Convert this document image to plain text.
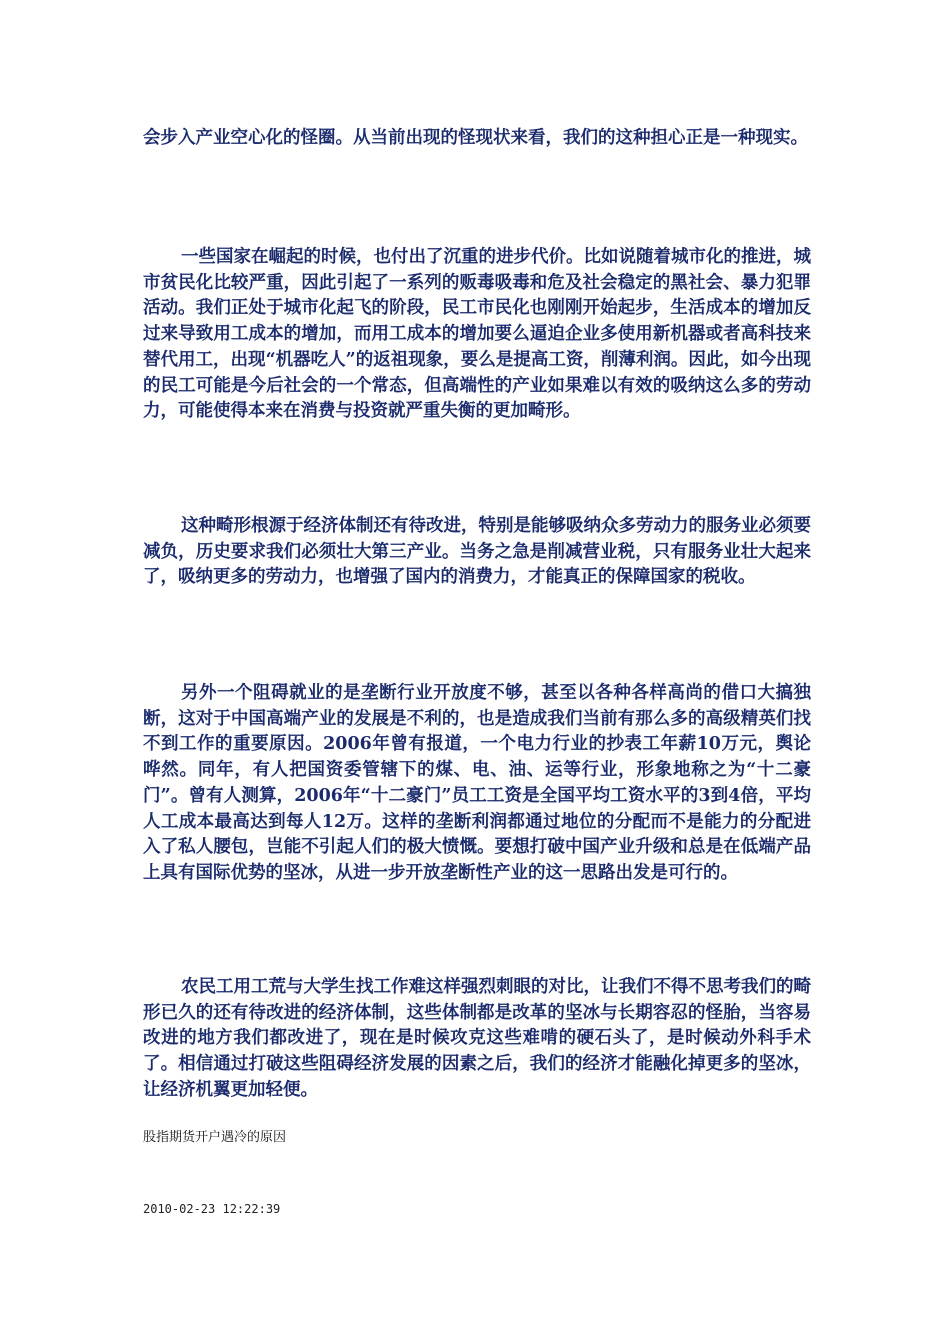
会步入产业空心化的怪圈。从当前出现的怪现状来看，我们的这种担心正是一种现实。

一些国家在崛起的时候，也付出了沉重的进步代价。比如说随着城市化的推进，城市贫民化比较严重，因此引起了一系列的贩毒吸毒和危及社会稳定的黑社会、暴力犯罪活动。我们正处于城市化起飞的阶段，民工市民化也刚刚开始起步，生活成本的增加反过来导致用工成本的增加，而用工成本的增加要么逼迫企业多使用新机器或者高科技来替代用工，出现“机器吃人”的返祖现象，要么是提高工资，削薄利润。因此，如今出现的民工可能是今后社会的一个常态，但高端性的产业如果难以有效的吸纳这么多的劳动力，可能使得本来在消费与投资就严重失衡的更加畸形。

这种畸形根源于经济体制还有待改进，特别是能够吸纳众多劳动力的服务业必须要减负，历史要求我们必须壮大第三产业。当务之急是削减营业税，只有服务业壮大起来了，吸纳更多的劳动力，也增强了国内的消费力，才能真正的保障国家的税收。

另外一个阻碍就业的是垄断行业开放度不够，甚至以各种各样高尚的借口大搞独断，这对于中国高端产业的发展是不利的，也是造成我们当前有那么多的高级精英们找不到工作的重要原因。2006年曾有报道，一个电力行业的抄表工年薪10万元，舆论哗然。同年，有人把国资委管辖下的煤、电、油、运等行业，形象地称之为“十二豪门”。曾有人测算，2006年“十二豪门”员工工资是全国平均工资水平的3到4倍，平均人工成本最高达到每人12万。这样的垄断利润都通过地位的分配而不是能力的分配进入了私人腰包，岂能不引起人们的极大愤慨。要想打破中国产业升级和总是在低端产品上具有国际优势的坚冰，从进一步开放垄断性产业的这一思路出发是可行的。

农民工用工荒与大学生找工作难这样强烈刺眼的对比，让我们不得不思考我们的畸形已久的还有待改进的经济体制，这些体制都是改革的坚冰与长期容忍的怪胎，当容易改进的地方我们都改进了，现在是时候攻克这些难啃的硬石头了，是时候动外科手术了。相信通过打破这些阻碍经济发展的因素之后，我们的经济才能融化掉更多的坚冰，让经济机翼更加轻便。

股指期货开户遇冷的原因

2010-02-23 12:22:39
